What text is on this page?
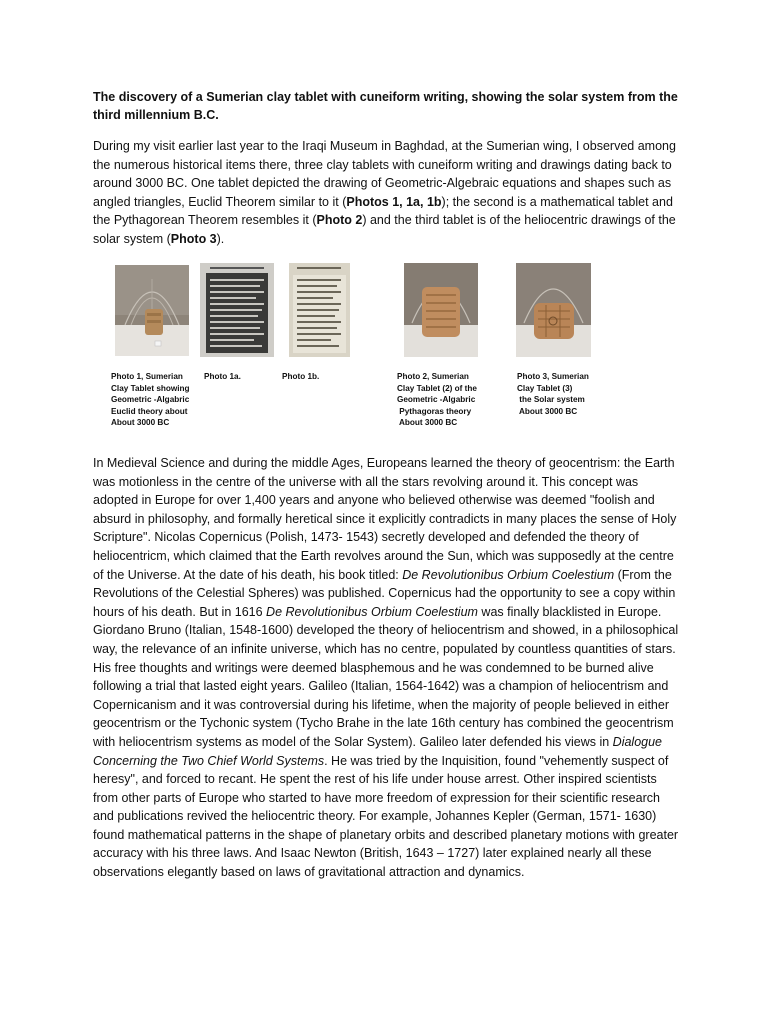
The discovery of a Sumerian clay tablet with cuneiform writing, showing the solar system from the third millennium B.C.

During my visit earlier last year to the Iraqi Museum in Baghdad, at the Sumerian wing, I observed among the numerous historical items there, three clay tablets with cuneiform writing and drawings dating back to around 3000 BC. One tablet depicted the drawing of Geometric-Algebraic equations and shapes such as angled triangles, Euclid Theorem similar to it (Photos 1, 1a, 1b); the second is a mathematical tablet and the Pythagorean Theorem resembles it (Photo 2) and the third tablet is of the heliocentric drawings of the solar system (Photo 3).

Photo 1, Sumerian
Clay Tablet showing
Geometric -Algabric
Euclid theory about
About 3000 BC
Photo 1a.	Photo 1b.	Photo 2, Sumerian
Clay Tablet (2) of the
Geometric -Algabric
Pythagoras theory
About 3000 BC
Photo 3, Sumerian
Clay Tablet (3)
the Solar system
About 3000 BC

In Medieval Science and during the middle Ages, Europeans learned the theory of geocentrism: the Earth was motionless in the centre of the universe with all the stars revolving around it. This concept was adopted in Europe for over 1,400 years and anyone who believed otherwise was deemed "foolish and absurd in philosophy, and formally heretical since it explicitly contradicts in many places the sense of Holy Scripture". Nicolas Copernicus (Polish, 1473- 1543) secretly developed and defended the theory of heliocentricm, which claimed that the Earth revolves around the Sun, which was supposedly at the centre of the Universe. At the date of his death, his book titled: De Revolutionibus Orbium Coelestium (From the Revolutions of the Celestial Spheres) was published. Copernicus had the opportunity to see a copy within hours of his death. But in 1616 De Revolutionibus Orbium Coelestium was finally blacklisted in Europe. Giordano Bruno (Italian, 1548-1600) developed the theory of heliocentrism and showed, in a philosophical way, the relevance of an infinite universe, which has no centre, populated by countless quantities of stars. His free thoughts and writings were deemed blasphemous and he was condemned to be burned alive following a trial that lasted eight years. Galileo (Italian, 1564-1642) was a champion of heliocentrism and Copernicanism and it was controversial during his lifetime, when the majority of people believed in either geocentrism or the Tychonic system (Tycho Brahe in the late 16th century has combined the geocentrism with heliocentrism systems as model of the Solar System). Galileo later defended his views in Dialogue Concerning the Two Chief World Systems. He was tried by the Inquisition, found "vehemently suspect of heresy", and forced to recant. He spent the rest of his life under house arrest. Other inspired scientists from other parts of Europe who started to have more freedom of expression for their scientific research and publications revived the heliocentric theory. For example, Johannes Kepler (German, 1571- 1630) found mathematical patterns in the shape of planetary orbits and described planetary motions with greater accuracy with his three laws. And Isaac Newton (British, 1643 – 1727) later explained nearly all these observations elegantly based on laws of gravitational attraction and dynamics.
